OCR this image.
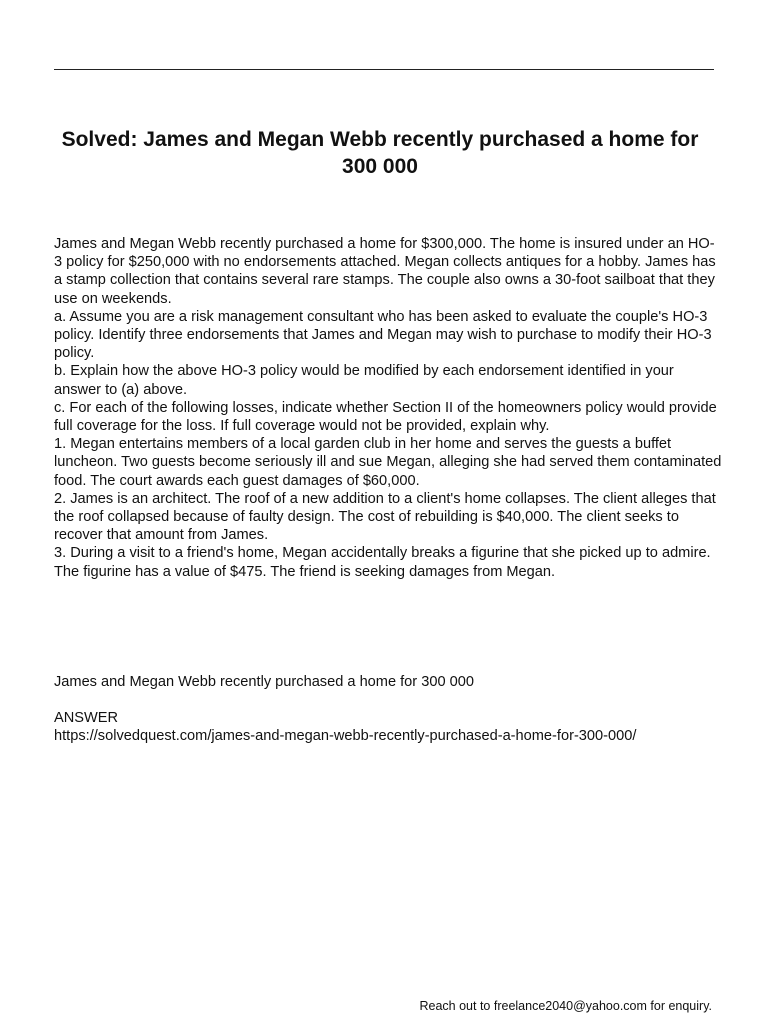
Solved: James and Megan Webb recently purchased a home for 300 000

James and Megan Webb recently purchased a home for $300,000. The home is insured under an HO-3 policy for $250,000 with no endorsements attached. Megan collects antiques for a hobby. James has a stamp collection that contains several rare stamps. The couple also owns a 30-foot sailboat that they use on weekends.

a. Assume you are a risk management consultant who has been asked to evaluate the couple's HO-3 policy. Identify three endorsements that James and Megan may wish to purchase to modify their HO-3 policy.

b. Explain how the above HO-3 policy would be modified by each endorsement identified in your answer to (a) above.

c. For each of the following losses, indicate whether Section II of the homeowners policy would provide full coverage for the loss. If full coverage would not be provided, explain why.

1. Megan entertains members of a local garden club in her home and serves the guests a buffet luncheon. Two guests become seriously ill and sue Megan, alleging she had served them contaminated food. The court awards each guest damages of $60,000.

2. James is an architect. The roof of a new addition to a client's home collapses. The client alleges that the roof collapsed because of faulty design. The cost of rebuilding is $40,000. The client seeks to recover that amount from James.

3. During a visit to a friend's home, Megan accidentally breaks a figurine that she picked up to admire. The figurine has a value of $475. The friend is seeking damages from Megan.

James and Megan Webb recently purchased a home for 300 000

ANSWER
https://solvedquest.com/james-and-megan-webb-recently-purchased-a-home-for-300-000/

Reach out to freelance2040@yahoo.com for enquiry.
